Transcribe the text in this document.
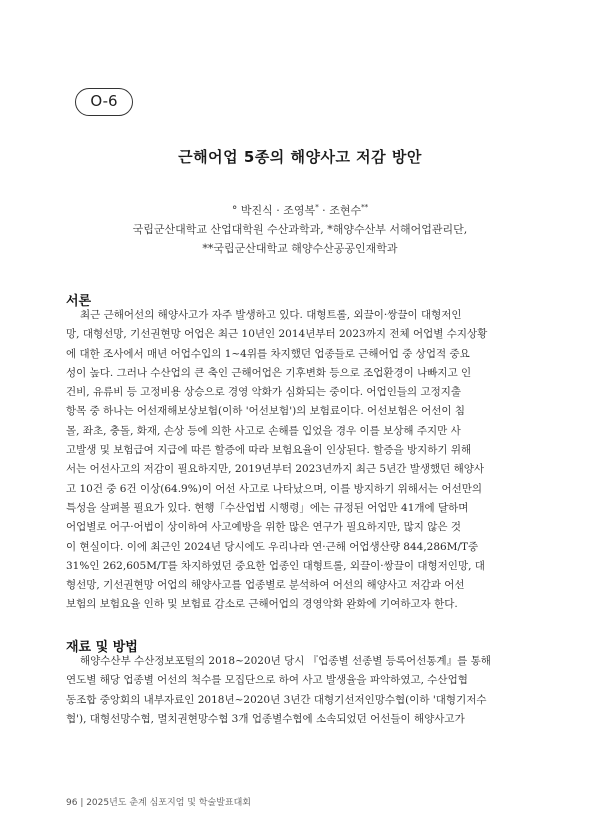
O-6
근해어업 5종의 해양사고 저감 방안
° 박진식 · 조영복* · 조현수**
국립군산대학교 산업대학원 수산과학과, *해양수산부 서해어업관리단,
**국립군산대학교 해양수산공공인재학과
서론
최근 근해어선의 해양사고가 자주 발생하고 있다. 대형트롤, 외끌이·쌍끌이 대형저인
망, 대형선망, 기선권현망 어업은 최근 10년인 2014년부터 2023까지 전체 어업별 수지상황
에 대한 조사에서 매년 어업수입의 1~4위를 차지했던 업종들로 근해어업 중 상업적 중요
성이 높다. 그러나 수산업의 큰 축인 근해어업은 기후변화 등으로 조업환경이 나빠지고 인
건비, 유류비 등 고정비용 상승으로 경영 악화가 심화되는 중이다. 어업인들의 고정지출
항목 중 하나는 어선재해보상보험(이하 '어선보험')의 보험료이다. 어선보험은 어선이 침
몰, 좌초, 충돌, 화재, 손상 등에 의한 사고로 손해를 입었을 경우 이를 보상해 주지만 사
고발생 및 보험급여 지급에 따른 할증에 따라 보험요율이 인상된다. 할증을 방지하기 위해
서는 어선사고의 저감이 필요하지만, 2019년부터 2023년까지 최근 5년간 발생했던 해양사
고 10건 중 6건 이상(64.9%)이 어선 사고로 나타났으며, 이를 방지하기 위해서는 어선만의
특성을 살펴볼 필요가 있다. 현행「수산업법 시행령」에는 규정된 어업만 41개에 달하며
어업별로 어구·어법이 상이하여 사고예방을 위한 많은 연구가 필요하지만, 많지 않은 것
이 현실이다. 이에 최근인 2024년 당시에도 우리나라 연·근해 어업생산량 844,286M/T중
31%인 262,605M/T를 차지하였던 중요한 업종인 대형트롤, 외끌이·쌍끌이 대형저인망, 대
형선망, 기선권현망 어업의 해양사고를 업종별로 분석하여 어선의 해양사고 저감과 어선
보험의 보험요율 인하 및 보험료 감소로 근해어업의 경영악화 완화에 기여하고자 한다.
재료 및 방법
해양수산부 수산정보포털의 2018~2020년 당시 『업종별 선종별 등록어선통계』를 통해
연도별 해당 업종별 어선의 척수를 모집단으로 하여 사고 발생율을 파악하였고, 수산업협
동조합 중앙회의 내부자료인 2018년~2020년 3년간 대형기선저인망수협(이하 '대형기저수
협'), 대형선망수협, 멸치권현망수협 3개 업종별수협에 소속되었던 어선들이 해양사고가
96 | 2025년도 춘계 심포지엄 및 학술발표대회
